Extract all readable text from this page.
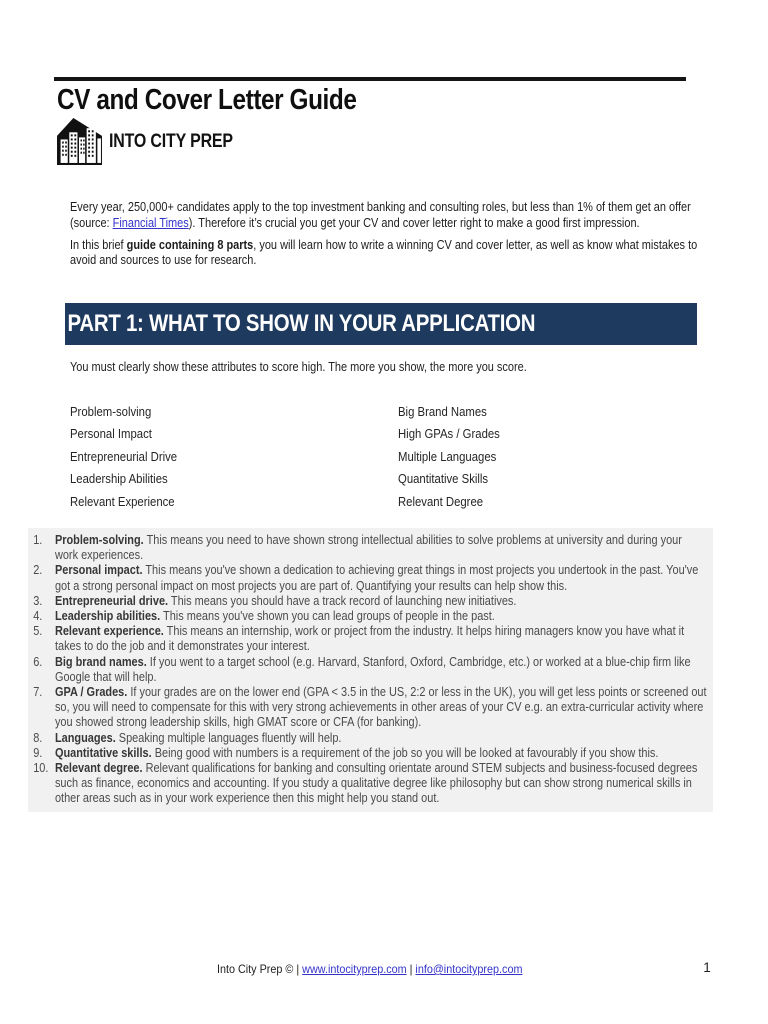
CV and Cover Letter Guide
INTO CITY PREP

Every year, 250,000+ candidates apply to the top investment banking and consulting roles, but less than 1% of them get an offer (source: Financial Times). Therefore it’s crucial you get your CV and cover letter right to make a good first impression.

In this brief guide containing 8 parts, you will learn how to write a winning CV and cover letter, as well as know what mistakes to avoid and sources to use for research.

PART 1: WHAT TO SHOW IN YOUR APPLICATION
You must clearly show these attributes to score high. The more you show, the more you score.
Problem-solving
Personal Impact
Entrepreneurial Drive
Leadership Abilities
Relevant Experience
Big Brand Names
High GPAs / Grades
Multiple Languages
Quantitative Skills
Relevant Degree
1. Problem-solving. This means you need to have shown strong intellectual abilities to solve problems at university and during your work experiences.
2. Personal impact. This means you've shown a dedication to achieving great things in most projects you undertook in the past. You've got a strong personal impact on most projects you are part of. Quantifying your results can help show this.
3. Entrepreneurial drive. This means you should have a track record of launching new initiatives.
4. Leadership abilities. This means you've shown you can lead groups of people in the past.
5. Relevant experience. This means an internship, work or project from the industry. It helps hiring managers know you have what it takes to do the job and it demonstrates your interest.
6. Big brand names. If you went to a target school (e.g. Harvard, Stanford, Oxford, Cambridge, etc.) or worked at a blue-chip firm like Google that will help.
7. GPA / Grades. If your grades are on the lower end (GPA < 3.5 in the US, 2:2 or less in the UK), you will get less points or screened out so, you will need to compensate for this with very strong achievements in other areas of your CV e.g. an extra-curricular activity where you showed strong leadership skills, high GMAT score or CFA (for banking).
8. Languages. Speaking multiple languages fluently will help.
9. Quantitative skills. Being good with numbers is a requirement of the job so you will be looked at favourably if you show this.
10. Relevant degree. Relevant qualifications for banking and consulting orientate around STEM subjects and business-focused degrees such as finance, economics and accounting. If you study a qualitative degree like philosophy but can show strong numerical skills in other areas such as in your work experience then this might help you stand out.
Into City Prep © | www.intocityprep.com | info@intocityprep.com	1
